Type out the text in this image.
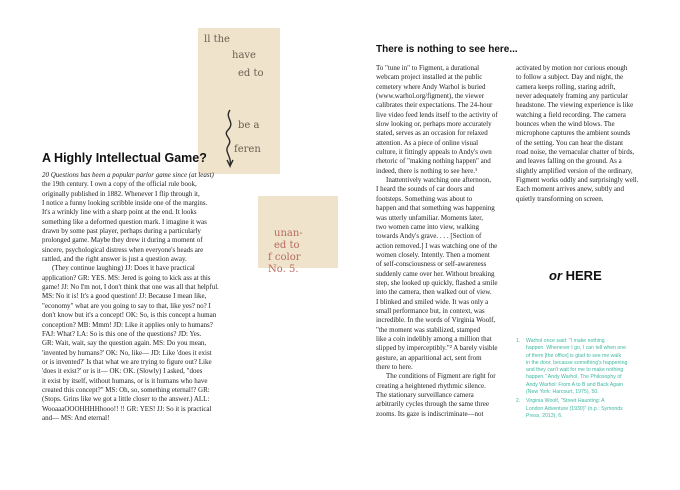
ll the
have
ed to
be a
feren
unan-
ed to
f color
No. 5.
A Highly Intellectual Game?

20 Questions has been a popular parlor game since (at least)

the 19th century. I own a copy of the official rule book,

originally published in 1882. Whenever I flip through it,

I notice a funny looking scribble inside one of the margins.

It's a wrinkly line with a sharp point at the end. It looks

something like a deformed question mark. I imagine it was

drawn by some past player, perhaps during a particularly

prolonged game. Maybe they drew it during a moment of

sincere, psychological distress when everyone's heads are

rattled, and the right answer is just a question away.

(They continue laughing) JJ: Does it have practical

application? GR: YES. MS: Jered is going to kick ass at this

game! JJ: No I'm not, I don't think that one was all that helpful.

MS: No it is! It's a good question! JJ: Because I mean like,

"economy" what are you going to say to that, like yes? no? I

don't know but it's a concept! OK: So, is this concept a human

conception? MB: Mmm! JD: Like it applies only to humans?

FAJ: What? LA: So is this one of the questions? JD: Yes.

GR: Wait, wait, say the question again. MS: Do you mean,

'invented by humans?' OK: No, like— JD: Like 'does it exist

or is invented?' Is that what we are trying to figure out? Like

'does it exist?' or is it— OK: OK. (Slowly) I asked, "does

it exist by itself, without humans, or is it humans who have

created this concept?" MS: Oh, so, something eternal!? GR:

(Stops. Grins like we got a little closer to the answer.) ALL:

WooaaaOOOHHHHhooo!! !! GR: YES! JJ: So it is practical

and— MS: And eternal!

There is nothing to see here...

To "tune in" to Figment, a durational

webcam project installed at the public

cemetery where Andy Warhol is buried

(www.warhol.org/figment), the viewer

calibrates their expectations. The 24-hour

live video feed lends itself to the activity of

slow looking or, perhaps more accurately

stated, serves as an occasion for relaxed

attention. As a piece of online visual

culture, it fittingly appeals to Andy's own

rhetoric of "making nothing happen" and

indeed, there is nothing to see here.¹

Inattentively watching one afternoon,

I heard the sounds of car doors and

footsteps. Something was about to

happen and that something was happening

was utterly unfamiliar. Moments later,

two women came into view, walking

towards Andy's grave. . . . [Section of

action removed.] I was watching one of the

women closely. Intently. Then a moment

of self-consciousness or self-awareness

suddenly came over her. Without breaking

step, she looked up quickly, flashed a smile

into the camera, then walked out of view.

I blinked and smiled wide. It was only a

small performance but, in context, was

incredible. In the words of Virginia Woolf,

"the moment was stabilized, stamped

like a coin indelibly among a million that

slipped by imperceptibly."² A barely visible

gesture, an apparitional act, sent from

there to here.

The conditions of Figment are right for

creating a heightened rhythmic silence.

The stationary surveillance camera

arbitrarily cycles through the same three

zooms. Its gaze is indiscriminate—not

activated by motion nor curious enough

to follow a subject. Day and night, the

camera keeps rolling, staring adrift,

never adequately framing any particular

headstone. The viewing experience is like

watching a field recording. The camera

bounces when the wind blows. The

microphone captures the ambient sounds

of the setting. You can hear the distant

road noise, the vernacular chatter of birds,

and leaves falling on the ground. As a

slightly amplified version of the ordinary,

Figment works oddly and surprisingly well.

Each moment arrives anew, subtly and

quietly transforming on screen.

or HERE

1. Warhol once said: "I make nothing
happen. Whenever I go, I can tell when one
of them [the office] is glad to see me walk
in the door, because something's happening
and they can't wait for me to make nothing
happen." Andy Warhol, The Philosophy of
Andy Warhol: From A to B and Back Again
(New York: Harcourt, 1975), 50.

2. Virginia Woolf, "Street Haunting: A
London Adventure (1930)" (n.p.: Symonds
Press, 2013), 6.
